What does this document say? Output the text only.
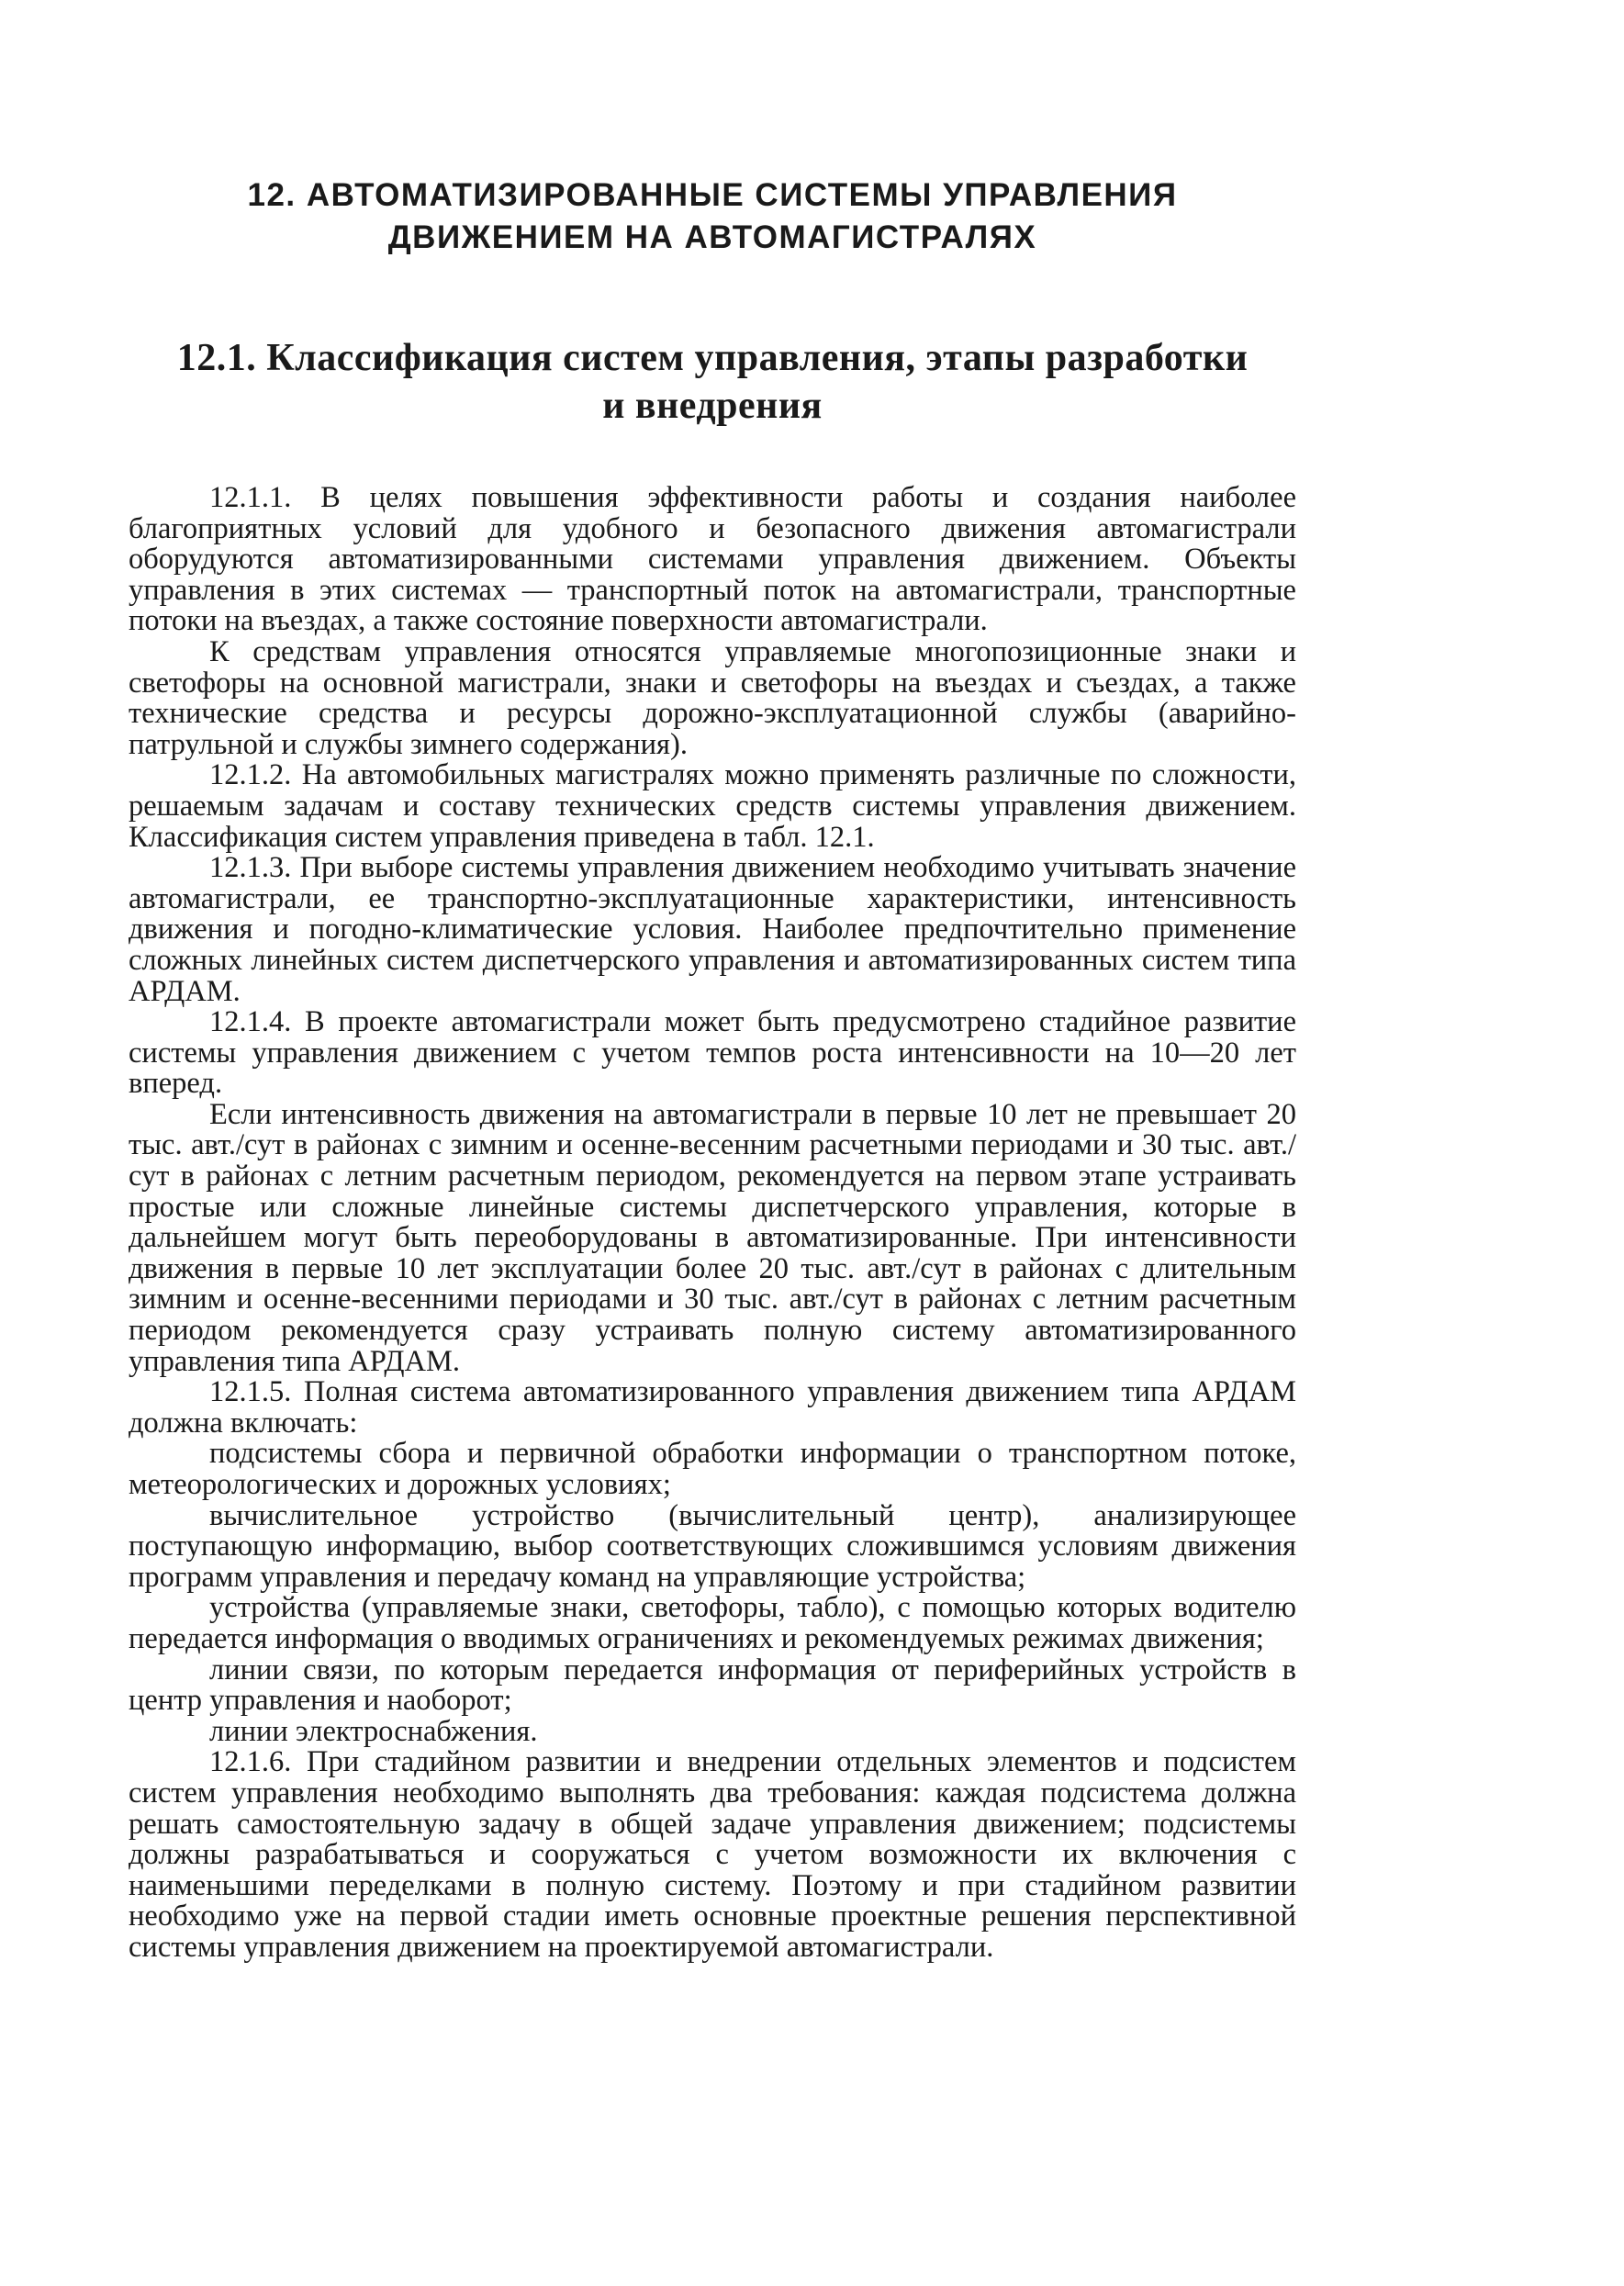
12. АВТОМАТИЗИРОВАННЫЕ СИСТЕМЫ УПРАВЛЕНИЯ
ДВИЖЕНИЕМ НА АВТОМАГИСТРАЛЯХ
12.1. Классификация систем управления, этапы разработки
и внедрения

12.1.1. В целях повышения эффективности работы и создания наиболее благоприятных условий для удобного и безопасного движения автомагистрали оборудуются автоматизированными системами управления движением. Объекты управления в этих системах — транспортный поток на автомагистрали, транспортные потоки на въездах, а также состояние поверхности автомагистрали.

К средствам управления относятся управляемые многопозиционные знаки и светофоры на основной магистрали, знаки и светофоры на въездах и съездах, а также технические средства и ресурсы дорожно-эксплуатационной службы (аварийно-патрульной и службы зимнего содержания).

12.1.2. На автомобильных магистралях можно применять различные по сложности, решаемым задачам и составу технических средств системы управления движением. Классификация систем управления приведена в табл. 12.1.

12.1.3. При выборе системы управления движением необходимо учитывать значение автомагистрали, ее транспортно-эксплуатационные характеристики, интенсивность движения и погодно-климатические условия. Наиболее предпочтительно применение сложных линейных систем диспетчерского управления и автоматизированных систем типа АРДАМ.

12.1.4. В проекте автомагистрали может быть предусмотрено стадийное развитие системы управления движением с учетом темпов роста интенсивности на 10—20 лет вперед.

Если интенсивность движения на автомагистрали в первые 10 лет не превышает 20 тыс. авт./сут в районах с зимним и осенне-весенним расчетными периодами и 30 тыс. авт./сут в районах с летним расчетным периодом, рекомендуется на первом этапе устраивать простые или сложные линейные системы диспетчерского управления, которые в дальнейшем могут быть переоборудованы в автоматизированные. При интенсивности движения в первые 10 лет эксплуатации более 20 тыс. авт./сут в районах с длительным зимним и осенне-весенними периодами и 30 тыс. авт./сут в районах с летним расчетным периодом рекомендуется сразу устраивать полную систему автоматизированного управления типа АРДАМ.

12.1.5. Полная система автоматизированного управления движением типа АРДАМ должна включать:

подсистемы сбора и первичной обработки информации о транспортном потоке, метеорологических и дорожных условиях;

вычислительное устройство (вычислительный центр), анализирующее поступающую информацию, выбор соответствующих сложившимся условиям движения программ управления и передачу команд на управляющие устройства;

устройства (управляемые знаки, светофоры, табло), с помощью которых водителю передается информация о вводимых ограничениях и рекомендуемых режимах движения;

линии связи, по которым передается информация от периферийных устройств в центр управления и наоборот;

линии электроснабжения.

12.1.6. При стадийном развитии и внедрении отдельных элементов и подсистем систем управления необходимо выполнять два требования: каждая подсистема должна решать самостоятельную задачу в общей задаче управления движением; подсистемы должны разрабатываться и сооружаться с учетом возможности их включения с наименьшими переделками в полную систему. Поэтому и при стадийном развитии необходимо уже на первой стадии иметь основные проектные решения перспективной системы управления движением на проектируемой автомагистрали.
